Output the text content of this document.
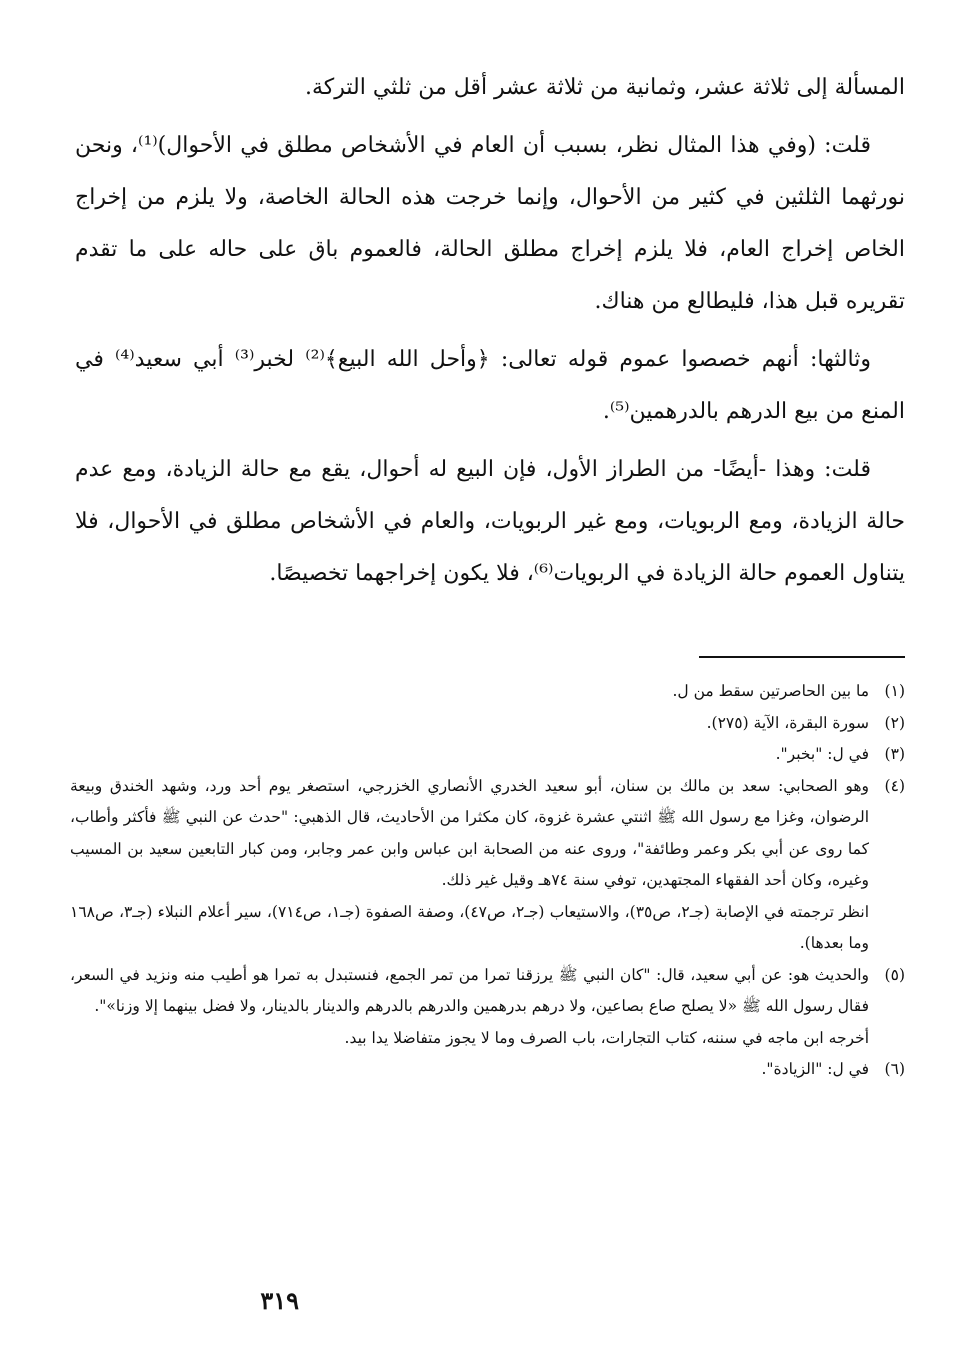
المسألة إلى ثلاثة عشر، وثمانية من ثلاثة عشر أقل من ثلثي التركة.

قلت: (وفي هذا المثال نظر، بسبب أن العام في الأشخاص مطلق في الأحوال)⁽¹⁾، ونحن نورثهما الثلثين في كثير من الأحوال، وإنما خرجت هذه الحالة الخاصة، ولا يلزم من إخراج الخاص إخراج العام، فلا يلزم إخراج مطلق الحالة، فالعموم باق على حاله على ما تقدم تقريره قبل هذا، فليطالع من هناك.

وثالثها: أنهم خصصوا عموم قوله تعالى: ﴿وأحل الله البيع﴾⁽²⁾ لخبر⁽³⁾ أبي سعيد⁽⁴⁾ في المنع من بيع الدرهم بالدرهمين⁽⁵⁾.

قلت: وهذا -أيضًا- من الطراز الأول، فإن البيع له أحوال، يقع مع حالة الزيادة، ومع عدم حالة الزيادة، ومع الربويات، ومع غير الربويات، والعام في الأشخاص مطلق في الأحوال، فلا يتناول العموم حالة الزيادة في الربويات⁽⁶⁾، فلا يكون إخراجهما تخصيصًا.

(١)

ما بين الحاصرتين سقط من ل.

(٢)

سورة البقرة، الآية (٢٧٥).

(٣)

في ل: "بخبر".

(٤)

وهو الصحابي: سعد بن مالك بن سنان، أبو سعيد الخدري الأنصاري الخزرجي، استصغر يوم أحد ورد، وشهد الخندق وبيعة الرضوان، وغزا مع رسول الله ﷺ اثنتي عشرة غزوة، كان مكثرا من الأحاديث، قال الذهبي: "حدث عن النبي ﷺ فأكثر وأطاب، كما روى عن أبي بكر وعمر وطائفة"، وروى عنه من الصحابة ابن عباس وابن عمر وجابر، ومن كبار التابعين سعيد بن المسيب وغيره، وكان أحد الفقهاء المجتهدين، توفي سنة ٧٤هـ وقيل غير ذلك.

انظر ترجمته في الإصابة (جـ٢، ص٣٥)، والاستيعاب (جـ٢، ص٤٧)، وصفة الصفوة (جـ١، ص٧١٤)، سير أعلام النبلاء (جـ٣، ص١٦٨ وما بعدها).

(٥)

والحديث هو: عن أبي سعيد، قال: "كان النبي ﷺ يرزقنا تمرا من تمر الجمع، فنستبدل به تمرا هو أطيب منه ونزيد في السعر، فقال رسول الله ﷺ «لا يصلح صاع بصاعين، ولا درهم بدرهمين والدرهم بالدرهم والدينار بالدينار، ولا فضل بينهما إلا وزنا»".

أخرجه ابن ماجه في سننه، كتاب التجارات، باب الصرف وما لا يجوز متفاضلا يدا بيد.

(٦)

في ل: "الزيادة".

٣١٩
